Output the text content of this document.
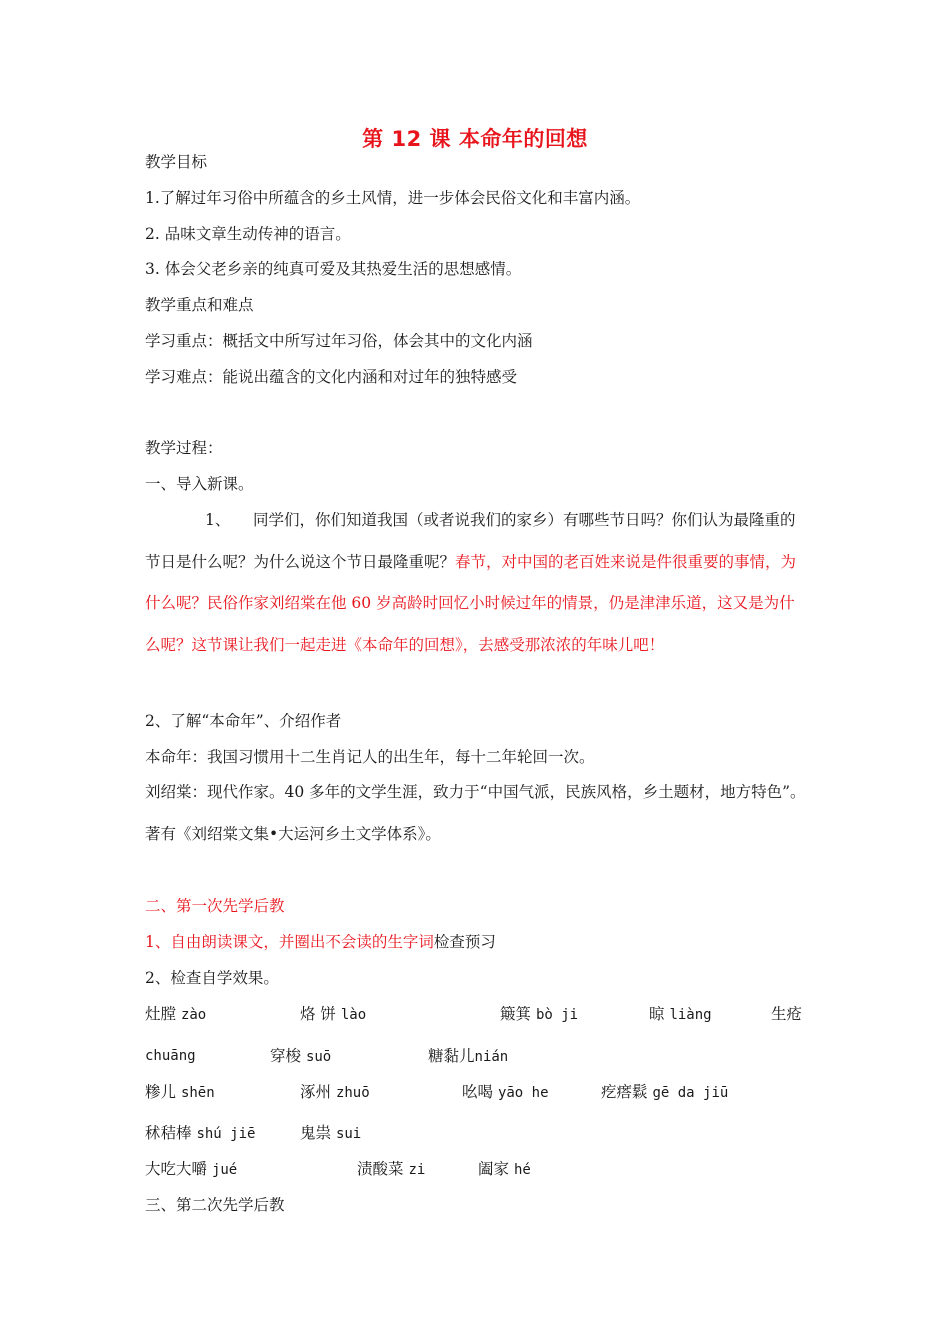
第 12 课 本命年的回想
教学目标
1.了解过年习俗中所蕴含的乡土风情，进一步体会民俗文化和丰富内涵。
2. 品味文章生动传神的语言。
3. 体会父老乡亲的纯真可爱及其热爱生活的思想感情。
教学重点和难点
学习重点：概括文中所写过年习俗，体会其中的文化内涵
学习难点：能说出蕴含的文化内涵和对过年的独特感受
教学过程：
一、导入新课。
1、 同学们，你们知道我国（或者说我们的家乡）有哪些节日吗？你们认为最隆重的节日是什么呢？为什么说这个节日最隆重呢？春节，对中国的老百姓来说是件很重要的事情，为什么呢？民俗作家刘绍棠在他 60 岁高龄时回忆小时候过年的情景，仍是津津乐道，这又是为什么呢？这节课让我们一起走进《本命年的回想》，去感受那浓浓的年味儿吧！
2、了解“本命年”、介绍作者
本命年：我国习惯用十二生肖记人的出生年，每十二年轮回一次。
刘绍棠：现代作家。40 多年的文学生涯，致力于“中国气派，民族风格，乡土题材，地方特色”。著有《刘绍棠文集•大运河乡土文学体系》。
二、第一次先学后教
1、自由朗读课文，并圈出不会读的生字词检查预习
2、检查自学效果。
灶膛 zào	烙 饼 lào	簸箕 bò ji	晾 liàng	生疮
chuāng	穿梭 suō	糖黏儿nián
糁儿 shēn	涿州 zhuō	吆喝 yāo he	疙瘩鬏 gē da jiū
秫秸棒 shú jiē	鬼祟 sui
大吃大嚼 jué	渍酸菜 zi	阖家 hé
三、第二次先学后教
